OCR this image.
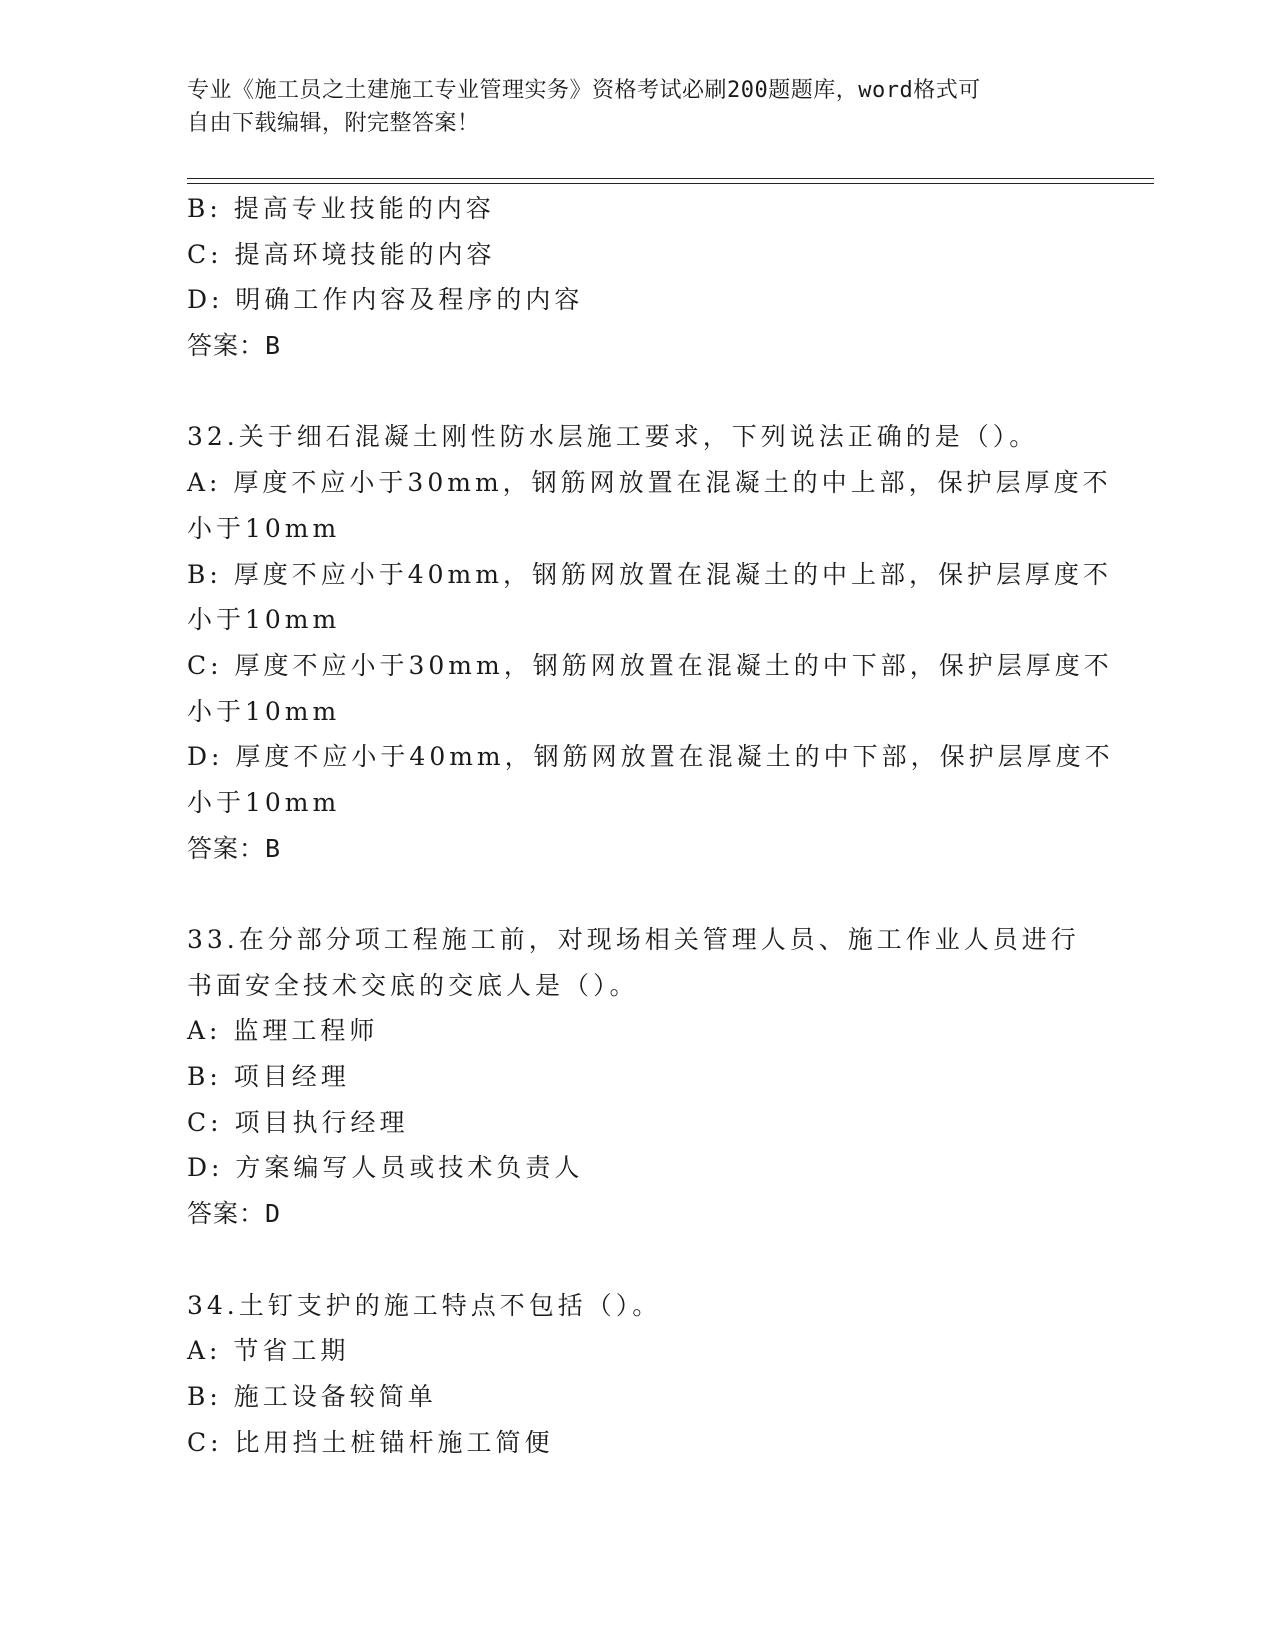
专业《施工员之土建施工专业管理实务》资格考试必刷200题题库，word格式可
自由下载编辑，附完整答案！
B: 提高专业技能的内容
C: 提高环境技能的内容
D: 明确工作内容及程序的内容
答案：B
32.关于细石混凝土刚性防水层施工要求，下列说法正确的是（）。
A: 厚度不应小于30mm，钢筋网放置在混凝土的中上部，保护层厚度不
小于10mm
B: 厚度不应小于40mm，钢筋网放置在混凝土的中上部，保护层厚度不
小于10mm
C: 厚度不应小于30mm，钢筋网放置在混凝土的中下部，保护层厚度不
小于10mm
D: 厚度不应小于40mm，钢筋网放置在混凝土的中下部，保护层厚度不
小于10mm
答案：B
33.在分部分项工程施工前，对现场相关管理人员、施工作业人员进行
书面安全技术交底的交底人是（）。
A: 监理工程师
B: 项目经理
C: 项目执行经理
D: 方案编写人员或技术负责人
答案：D
34.土钉支护的施工特点不包括（）。
A: 节省工期
B: 施工设备较简单
C: 比用挡土桩锚杆施工简便
